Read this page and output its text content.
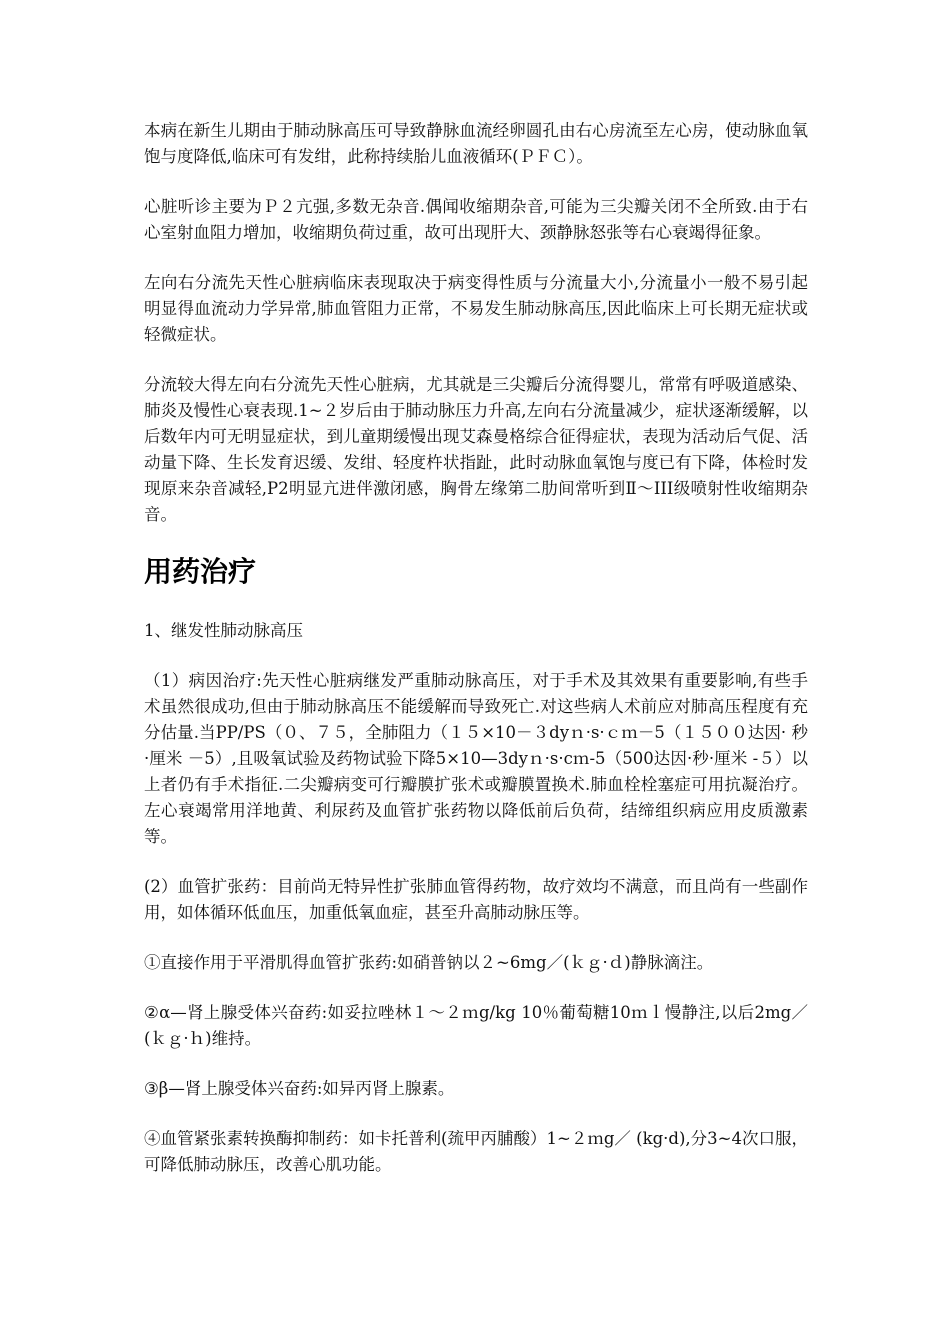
本病在新生儿期由于肺动脉高压可导致静脉血流经卵圆孔由右心房流至左心房，使动脉血氧饱与度降低,临床可有发绀，此称持续胎儿血液循环(ＰＦＣ）。

心脏听诊主要为Ｐ２亢强,多数无杂音.偶闻收缩期杂音,可能为三尖瓣关闭不全所致.由于右心室射血阻力增加，收缩期负荷过重，故可出现肝大、颈静脉怒张等右心衰竭得征象。

左向右分流先天性心脏病临床表现取决于病变得性质与分流量大小,分流量小一般不易引起明显得血流动力学异常,肺血管阻力正常，不易发生肺动脉高压,因此临床上可长期无症状或轻微症状。

分流较大得左向右分流先天性心脏病，尤其就是三尖瓣后分流得婴儿，常常有呼吸道感染、肺炎及慢性心衰表现.1~２岁后由于肺动脉压力升高,左向右分流量减少，症状逐渐缓解，以后数年内可无明显症状，到儿童期缓慢出现艾森曼格综合征得症状，表现为活动后气促、活动量下降、生长发育迟缓、发绀、轻度杵状指趾，此时动脉血氧饱与度已有下降，体检时发现原来杂音减轻,P2明显亢进伴激闭感，胸骨左缘第二肋间常听到Ⅱ～III级喷射性收缩期杂音。

用药治疗

1、继发性肺动脉高压

（1）病因治疗:先天性心脏病继发严重肺动脉高压，对于手术及其效果有重要影响,有些手术虽然很成功,但由于肺动脉高压不能缓解而导致死亡.对这些病人术前应对肺高压程度有充分估量.当PP/PS（０、７５，全肺阻力（１５×10－３dyｎ·s·ｃｍ－5（１５００达因· 秒·厘米 －5）,且吸氧试验及药物试验下降5×10—3dyｎ·s·cｍ-5（500达因·秒·厘米 -５）以上者仍有手术指征.二尖瓣病变可行瓣膜扩张术或瓣膜置换术.肺血栓栓塞症可用抗凝治疗。左心衰竭常用洋地黄、利尿药及血管扩张药物以降低前后负荷，结缔组织病应用皮质激素等。

(2）血管扩张药：目前尚无特异性扩张肺血管得药物，故疗效均不满意，而且尚有一些副作用，如体循环低血压，加重低氧血症，甚至升高肺动脉压等。

①直接作用于平滑肌得血管扩张药:如硝普钠以２~6mg／(ｋｇ·ｄ)静脉滴注。

②α—肾上腺受体兴奋药:如妥拉唑林１～２ｍg/kg 10％葡萄糖10ｍｌ慢静注,以后2mg／(ｋｇ·ｈ)维持。

③β—肾上腺受体兴奋药:如异丙肾上腺素。

④血管紧张素转换酶抑制药：如卡托普利(巯甲丙脯酸）1~２ｍg／ (kg·d),分3~4次口服，可降低肺动脉压，改善心肌功能。
